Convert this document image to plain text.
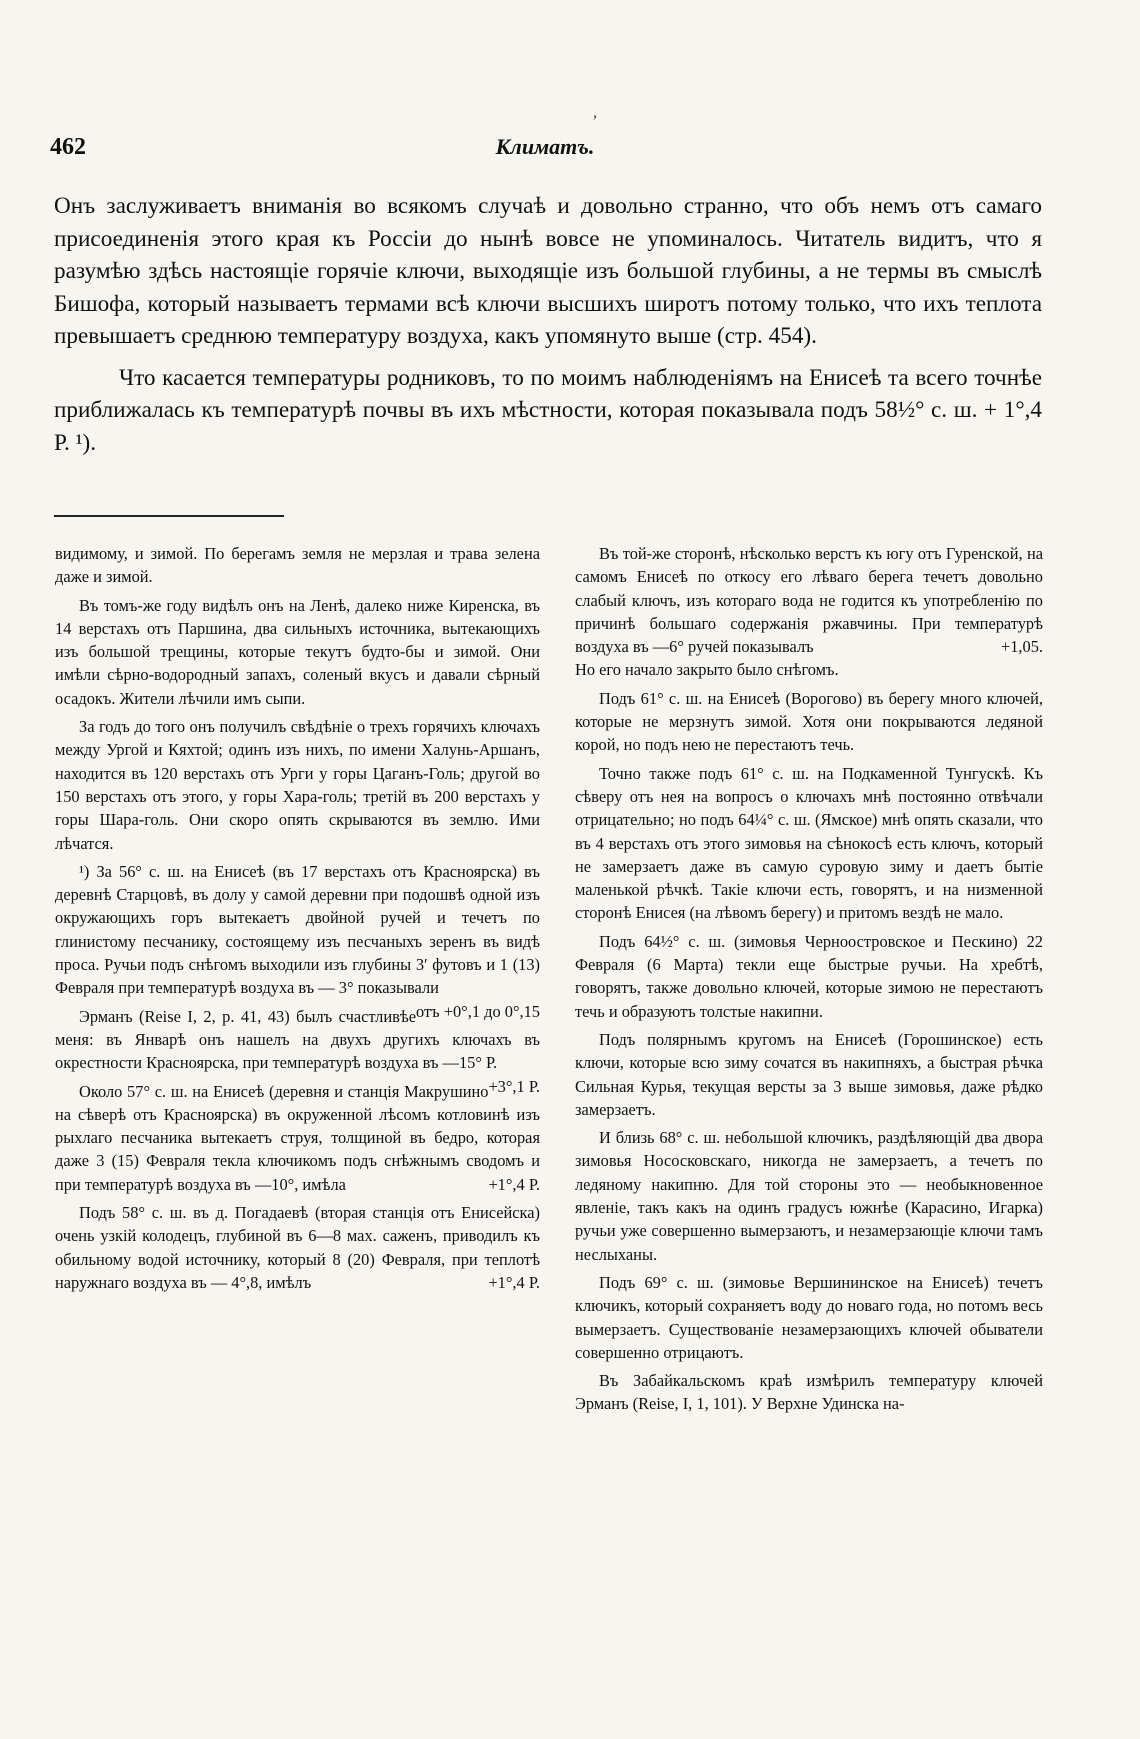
,
462	Климатъ.

Онъ заслуживаетъ вниманія во всякомъ случаѣ и довольно странно, что объ немъ отъ самаго присоединенія этого края къ Россіи до нынѣ вовсе не упоминалось. Читатель видитъ, что я разумѣю здѣсь настоящіе горячіе ключи, выходящіе изъ большой глубины, а не термы въ смыслѣ Бишофа, который называетъ термами всѣ ключи высшихъ широтъ потому только, что ихъ теплота превышаетъ среднюю температуру воздуха, какъ упомянуто выше (стр. 454).

Что касается температуры родниковъ, то по моимъ наблюденіямъ на Енисеѣ та всего точнѣе приближалась къ температурѣ почвы въ ихъ мѣстности, которая показывала подъ 58½° с. ш. + 1°,4 Р. ¹).

видимому, и зимой. По берегамъ земля не мерзлая и трава зелена даже и зимой.

Въ томъ-же году видѣлъ онъ на Ленѣ, далеко ниже Киренска, въ 14 верстахъ отъ Паршина, два сильныхъ источника, вытекающихъ изъ большой трещины, которые текутъ будто-бы и зимой. Они имѣли сѣрно-водородный запахъ, соленый вкусъ и давали сѣрный осадокъ. Жители лѣчили имъ сыпи.

За годъ до того онъ получилъ свѣдѣніе о трехъ горячихъ ключахъ между Ургой и Кяхтой; одинъ изъ нихъ, по имени Халунь-Аршанъ, находится въ 120 верстахъ отъ Урги у горы Цаганъ-Голь; другой во 150 верстахъ отъ этого, у горы Хара-голь; третій въ 200 верстахъ у горы Шара-голь. Они скоро опять скрываются въ землю. Ими лѣчатся.

¹) За 56° с. ш. на Енисеѣ (въ 17 верстахъ отъ Красноярска) въ деревнѣ Старцовѣ, въ долу у самой деревни при подошвѣ одной изъ окружающихъ горъ вытекаетъ двойной ручей и течетъ по глинистому песчанику, состоящему изъ песчаныхъ зеренъ въ видѣ проса. Ручьи подъ снѣгомъ выходили изъ глубины 3′ футовъ и 1 (13) Февраля при температурѣ воздуха въ — 3° показывали
отъ +0°,1 до 0°,15

Эрманъ (Reise I, 2, p. 41, 43) былъ счастливѣе меня: въ Январѣ онъ нашелъ на двухъ другихъ ключахъ въ окрестности Красноярска, при температурѣ воздуха въ —15° Р.
+3°,1 Р.

Около 57° с. ш. на Енисеѣ (деревня и станція Макрушино на сѣверѣ отъ Красноярска) въ окруженной лѣсомъ котловинѣ изъ рыхлаго песчаника вытекаетъ струя, толщиной въ бедро, которая даже 3 (15) Февраля текла ключикомъ подъ снѣжнымъ сводомъ и при температурѣ воздуха въ —10°, имѣла	+1°,4 Р.

Подъ 58° с. ш. въ д. Погадаевѣ (вторая станція отъ Енисейска) очень узкій колодецъ, глубиной въ 6—8 мах. саженъ, приводилъ къ обильному водой источнику, который 8 (20) Февраля, при теплотѣ наружнаго воздуха въ — 4°,8, имѣлъ	+1°,4 Р.

Въ той-же сторонѣ, нѣсколько верстъ къ югу отъ Гуренской, на самомъ Енисеѣ по откосу его лѣваго берега течетъ довольно слабый ключъ, изъ котораго вода не годится къ употребленію по причинѣ большаго содержанія ржавчины. При температурѣ воздуха въ —6° ручей показывалъ	+1,05.

Но его начало закрыто было снѣгомъ.

Подъ 61° с. ш. на Енисеѣ (Ворогово) въ берегу много ключей, которые не мерзнутъ зимой. Хотя они покрываются ледяной корой, но подъ нею не перестаютъ течь.

Точно также подъ 61° с. ш. на Подкаменной Тунгускѣ. Къ сѣверу отъ нея на вопросъ о ключахъ мнѣ постоянно отвѣчали отрицательно; но подъ 64¼° с. ш. (Ямское) мнѣ опять сказали, что въ 4 верстахъ отъ этого зимовья на сѣнокосѣ есть ключъ, который не замерзаетъ даже въ самую суровую зиму и даетъ бытіе маленькой рѣчкѣ. Такіе ключи есть, говорятъ, и на низменной сторонѣ Енисея (на лѣвомъ берегу) и притомъ вездѣ не мало.

Подъ 64½° с. ш. (зимовья Черноостровское и Пескино) 22 Февраля (6 Марта) текли еще быстрые ручьи. На хребтѣ, говорятъ, также довольно ключей, которые зимою не перестаютъ течь и образуютъ толстые накипни.

Подъ полярнымъ кругомъ на Енисеѣ (Горошинское) есть ключи, которые всю зиму сочатся въ накипняхъ, а быстрая рѣчка Сильная Курья, текущая версты за 3 выше зимовья, даже рѣдко замерзаетъ.

И близь 68° с. ш. небольшой ключикъ, раздѣляющій два двора зимовья Нососковскаго, никогда не замерзаетъ, а течетъ по ледяному накипню. Для той стороны это — необыкновенное явленіе, такъ какъ на одинъ градусъ южнѣе (Карасино, Игарка) ручьи уже совершенно вымерзаютъ, и незамерзающіе ключи тамъ неслыханы.

Подъ 69° с. ш. (зимовье Вершининское на Енисеѣ) течетъ ключикъ, который сохраняетъ воду до новаго года, но потомъ весь вымерзаетъ. Существованіе незамерзающихъ ключей обыватели совершенно отрицаютъ.

Въ Забайкальскомъ краѣ измѣрилъ температуру ключей Эрманъ (Reise, I, 1, 101). У Верхне Удинска на-
